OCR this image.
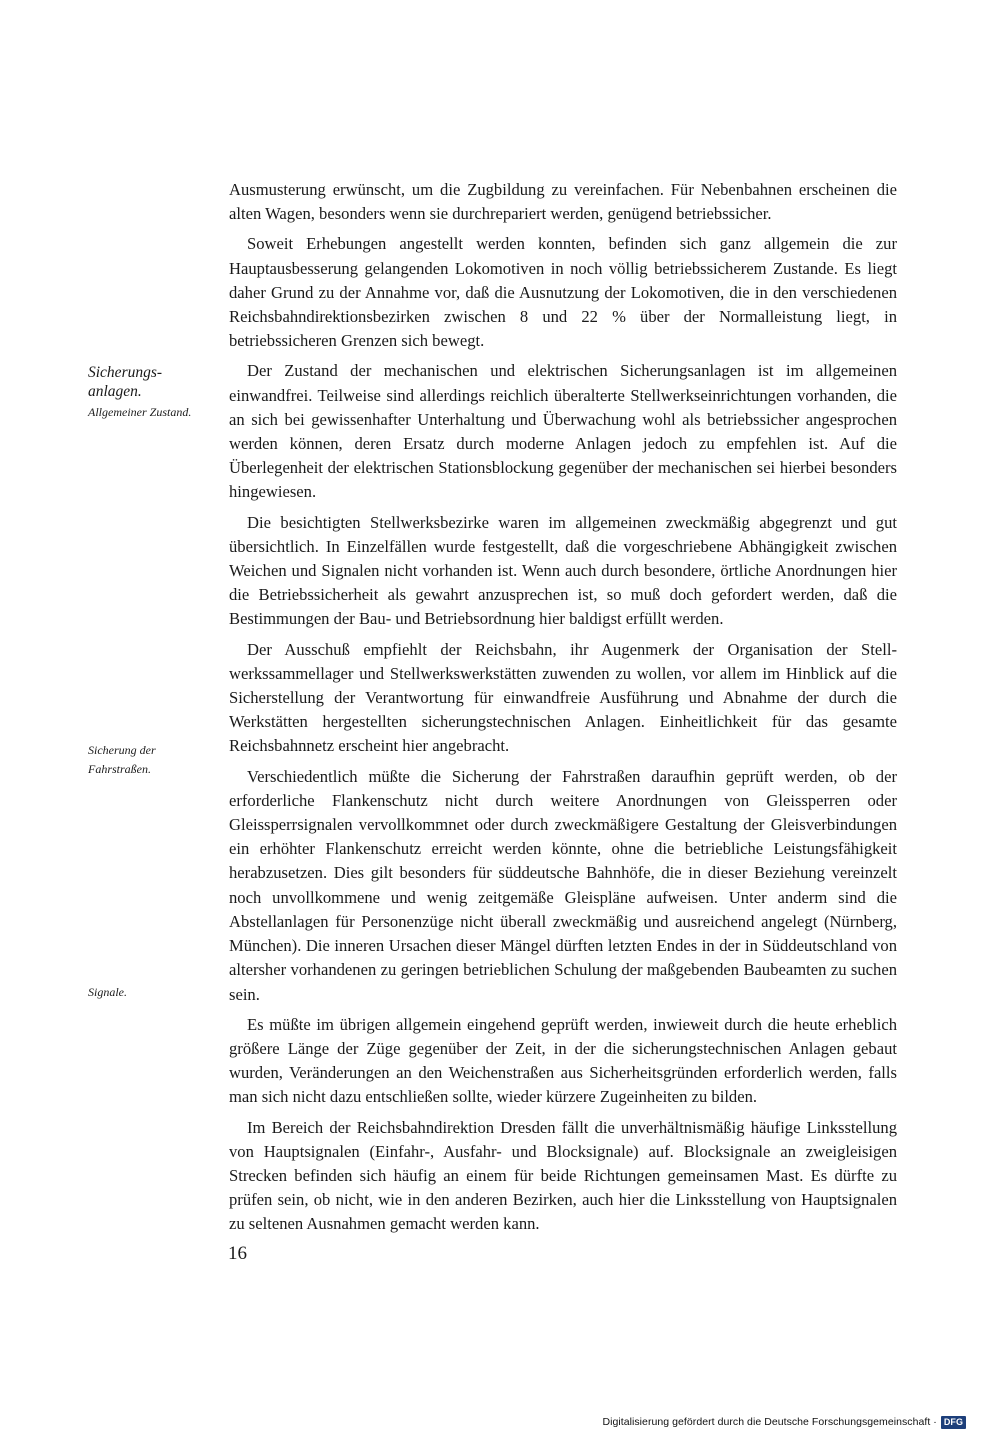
Ausmusterung erwünscht, um die Zugbildung zu vereinfachen. Für Nebenbahnen erscheinen die alten Wagen, besonders wenn sie durchrepariert werden, genügend betriebssicher.

Soweit Erhebungen angestellt werden konnten, befinden sich ganz allgemein die zur Hauptausbesserung gelangenden Lokomotiven in noch völlig betriebssicherem Zustande. Es liegt daher Grund zu der Annahme vor, daß die Ausnutzung der Lokomotiven, die in den verschiedenen Reichsbahndirektionsbezirken zwischen 8 und 22 % über der Normalleistung liegt, in betriebssicheren Grenzen sich bewegt.

Der Zustand der mechanischen und elektrischen Sicherungsanlagen ist im allgemeinen einwandfrei. Teilweise sind allerdings reichlich überalterte Stellwerkseinrichtungen vorhanden, die an sich bei gewissenhafter Unterhaltung und Überwachung wohl als betriebssicher angesprochen werden können, deren Ersatz durch moderne Anlagen jedoch zu empfehlen ist. Auf die Überlegenheit der elektrischen Stationsblockung gegenüber der mechanischen sei hierbei besonders hingewiesen.

Die besichtigten Stellwerksbezirke waren im allgemeinen zweckmäßig abgegrenzt und gut übersichtlich. In Einzelfällen wurde festgestellt, daß die vorgeschriebene Abhängigkeit zwischen Weichen und Signalen nicht vorhanden ist. Wenn auch durch besondere, örtliche Anordnungen hier die Betriebssicherheit als gewahrt anzusprechen ist, so muß doch gefordert werden, daß die Bestimmungen der Bau- und Betriebsordnung hier baldigst erfüllt werden.

Der Ausschuß empfiehlt der Reichsbahn, ihr Augenmerk der Organisation der Stellwerkssammellager und Stellwerkswerkstätten zuwenden zu wollen, vor allem im Hinblick auf die Sicherstellung der Verantwortung für einwandfreie Ausführung und Abnahme der durch die Werkstätten hergestellten sicherungstechnischen Anlagen. Einheitlichkeit für das gesamte Reichsbahnnetz erscheint hier angebracht.

Verschiedentlich müßte die Sicherung der Fahrstraßen daraufhin geprüft werden, ob der erforderliche Flankenschutz nicht durch weitere Anordnungen von Gleissperren oder Gleissperrsignalen vervollkommnet oder durch zweckmäßigere Gestaltung der Gleisverbindungen ein erhöhter Flankenschutz erreicht werden könnte, ohne die betriebliche Leistungsfähigkeit herabzusetzen. Dies gilt besonders für süddeutsche Bahnhöfe, die in dieser Beziehung vereinzelt noch unvollkommene und wenig zeitgemäße Gleispläne aufweisen. Unter anderm sind die Abstellanlagen für Personenzüge nicht überall zweckmäßig und ausreichend angelegt (Nürnberg, München). Die inneren Ursachen dieser Mängel dürften letzten Endes in der in Süddeutschland von altersher vorhandenen zu geringen betrieblichen Schulung der maßgebenden Baubeamten zu suchen sein.

Es müßte im übrigen allgemein eingehend geprüft werden, inwieweit durch die heute erheblich größere Länge der Züge gegenüber der Zeit, in der die sicherungstechnischen Anlagen gebaut wurden, Veränderungen an den Weichenstraßen aus Sicherheitsgründen erforderlich werden, falls man sich nicht dazu entschließen sollte, wieder kürzere Zugeinheiten zu bilden.

Im Bereich der Reichsbahndirektion Dresden fällt die unverhältnismäßig häufige Linksstellung von Hauptsignalen (Einfahr-, Ausfahr- und Blocksignale) auf. Blocksignale an zweigleisigen Strecken befinden sich häufig an einem für beide Richtungen gemeinsamen Mast. Es dürfte zu prüfen sein, ob nicht, wie in den anderen Bezirken, auch hier die Linksstellung von Hauptsignalen zu seltenen Ausnahmen gemacht werden kann.

Sicherungs-
anlagen.
Allgemeiner Zustand.
Sicherung der
Fahrstraßen.
Signale.
16
Digitalisierung gefördert durch die Deutsche Forschungsgemeinschaft · DFG
